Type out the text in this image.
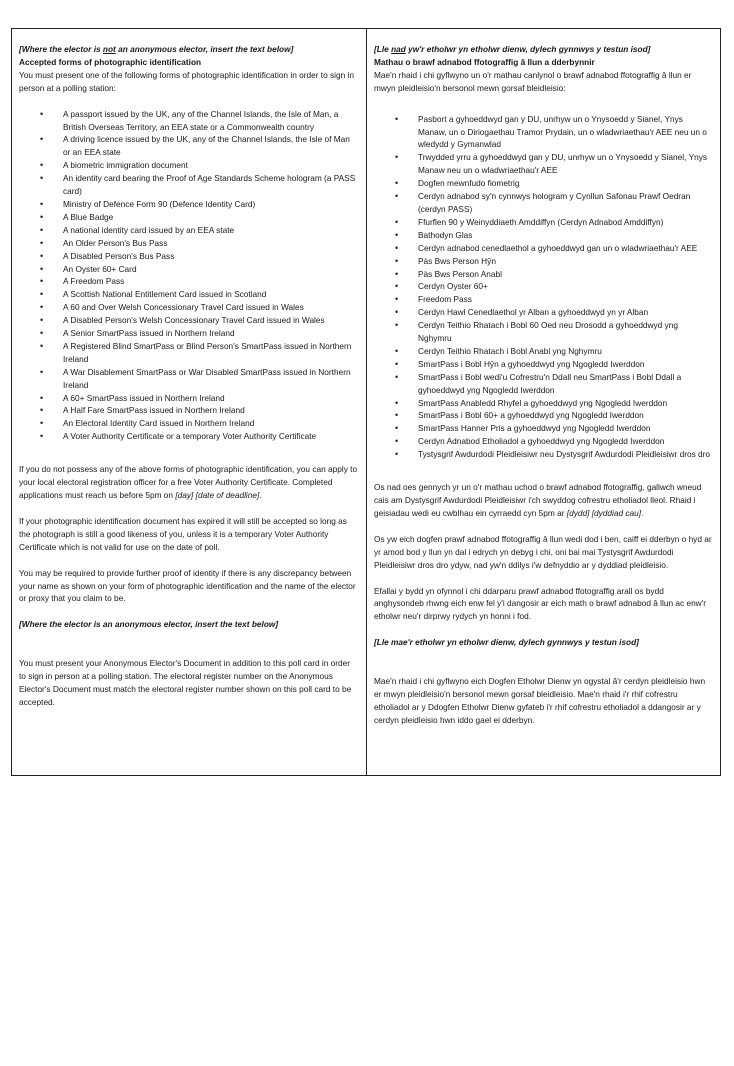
[Where the elector is not an anonymous elector, insert the text below]

Accepted forms of photographic identification

You must present one of the following forms of photographic identification in order to sign in person at a polling station:

• A passport issued by the UK, any of the Channel Islands, the Isle of Man, a British Overseas Territory, an EEA state or a Commonwealth country
• A driving licence issued by the UK, any of the Channel Islands, the Isle of Man or an EEA state
• A biometric immigration document
• An identity card bearing the Proof of Age Standards Scheme hologram (a PASS card)
• Ministry of Defence Form 90 (Defence Identity Card)
• A Blue Badge
• A national identity card issued by an EEA state
• An Older Person's Bus Pass
• A Disabled Person's Bus Pass
• An Oyster 60+ Card
• A Freedom Pass
• A Scottish National Entitlement Card issued in Scotland
• A 60 and Over Welsh Concessionary Travel Card issued in Wales
• A Disabled Person's Welsh Concessionary Travel Card issued in Wales
• A Senior SmartPass issued in Northern Ireland
• A Registered Blind SmartPass or Blind Person's SmartPass issued in Northern Ireland
• A War Disablement SmartPass or War Disabled SmartPass issued in Northern Ireland
• A 60+ SmartPass issued in Northern Ireland
• A Half Fare SmartPass issued in Northern Ireland
• An Electoral Identity Card issued in Northern Ireland
• A Voter Authority Certificate or a temporary Voter Authority Certificate

If you do not possess any of the above forms of photographic identification, you can apply to your local electoral registration officer for a free Voter Authority Certificate. Completed applications must reach us before 5pm on [day] [date of deadline].

If your photographic identification document has expired it will still be accepted so long as the photograph is still a good likeness of you, unless it is a temporary Voter Authority Certificate which is not valid for use on the date of poll.

You may be required to provide further proof of identity if there is any discrepancy between your name as shown on your form of photographic identification and the name of the elector or proxy that you claim to be.

[Where the elector is an anonymous elector, insert the text below]

You must present your Anonymous Elector's Document in addition to this poll card in order to sign in person at a polling station. The electoral register number on the Anonymous Elector's Document must match the electoral register number shown on this poll card to be accepted.

[Lle nad yw'r etholwr yn etholwr dienw, dylech gynnwys y testun isod]

Mathau o brawf adnabod ffotograffig â llun a dderbynnir

Mae'n rhaid i chi gyflwyno un o'r mathau canlynol o brawf adnabod ffotograffig â llun er mwyn pleidleisio'n bersonol mewn gorsaf bleidleisio:

• Pasbort a gyhoeddwyd gan y DU, unrhyw un o Ynysoedd y Sianel, Ynys Manaw, un o Diriogaethau Tramor Prydain, un o wladwriaethau'r AEE neu un o wledydd y Gymanwlad
• Trwydded yrru a gyhoeddwyd gan y DU, unrhyw un o Ynysoedd y Sianel, Ynys Manaw neu un o wladwriaethau'r AEE
• Dogfen mewnfudo fiometrig
• Cerdyn adnabod sy'n cynnwys hologram y Cynllun Safonau Prawf Oedran (cerdyn PASS)
• Ffurflen 90 y Weinyddiaeth Amddiffyn (Cerdyn Adnabod Amddiffyn)
• Bathodyn Glas
• Cerdyn adnabod cenedlaethol a gyhoeddwyd gan un o wladwriaethau'r AEE
• Pàs Bws Person Hŷn
• Pàs Bws Person Anabl
• Cerdyn Oyster 60+
• Freedom Pass
• Cerdyn Hawl Cenedlaethol yr Alban a gyhoeddwyd yn yr Alban
• Cerdyn Teithio Rhatach i Bobl 60 Oed neu Drosodd a gyhoeddwyd yng Nghymru
• Cerdyn Teithio Rhatach i Bobl Anabl yng Nghymru
• SmartPass i Bobl Hŷn a gyhoeddwyd yng Ngogledd Iwerddon
• SmartPass i Bobl wedi'u Cofrestru'n Ddall neu SmartPass i Bobl Ddall a gyhoeddwyd yng Ngogledd Iwerddon
• SmartPass Anabledd Rhyfel a gyhoeddwyd yng Ngogledd Iwerddon
• SmartPass i Bobl 60+ a gyhoeddwyd yng Ngogledd Iwerddon
• SmartPass Hanner Pris a gyhoeddwyd yng Ngogledd Iwerddon
• Cerdyn Adnabod Etholiadol a gyhoeddwyd yng Ngogledd Iwerddon
• Tystysgrif Awdurdodi Pleidleisiwr neu Dystysgrif Awdurdodi Pleidleisiwr dros dro

Os nad oes gennych yr un o'r mathau uchod o brawf adnabod ffotograffig, gallwch wneud cais am Dystysgrif Awdurdodi Pleidleisiwr i'ch swyddog cofrestru etholiadol lleol. Rhaid i geisiadau wedi eu cwblhau ein cyrraedd cyn 5pm ar [dydd] [dyddiad cau].

Os yw eich dogfen prawf adnabod ffotograffig â llun wedi dod i ben, caiff ei dderbyn o hyd ar yr amod bod y llun yn dal i edrych yn debyg i chi, oni bai mai Tystysgrif Awdurdodi Pleidleisiwr dros dro ydyw, nad yw'n ddilys i'w defnyddio ar y dyddiad pleidleisio.

Efallai y bydd yn ofynnol i chi ddarparu prawf adnabod ffotograffig arall os bydd anghysondeb rhwng eich enw fel y'i dangosir ar eich math o brawf adnabod â llun ac enw'r etholwr neu'r dirprwy rydych yn honni i fod.

[Lle mae'r etholwr yn etholwr dienw, dylech gynnwys y testun isod]

Mae'n rhaid i chi gyflwyno eich Dogfen Etholwr Dienw yn ogystal â'r cerdyn pleidleisio hwn er mwyn pleidleisio'n bersonol mewn gorsaf bleidleisio. Mae'n rhaid i'r rhif cofrestru etholiadol ar y Ddogfen Etholwr Dienw gyfateb i'r rhif cofrestru etholiadol a ddangosir ar y cerdyn pleidleisio hwn iddo gael ei dderbyn.
